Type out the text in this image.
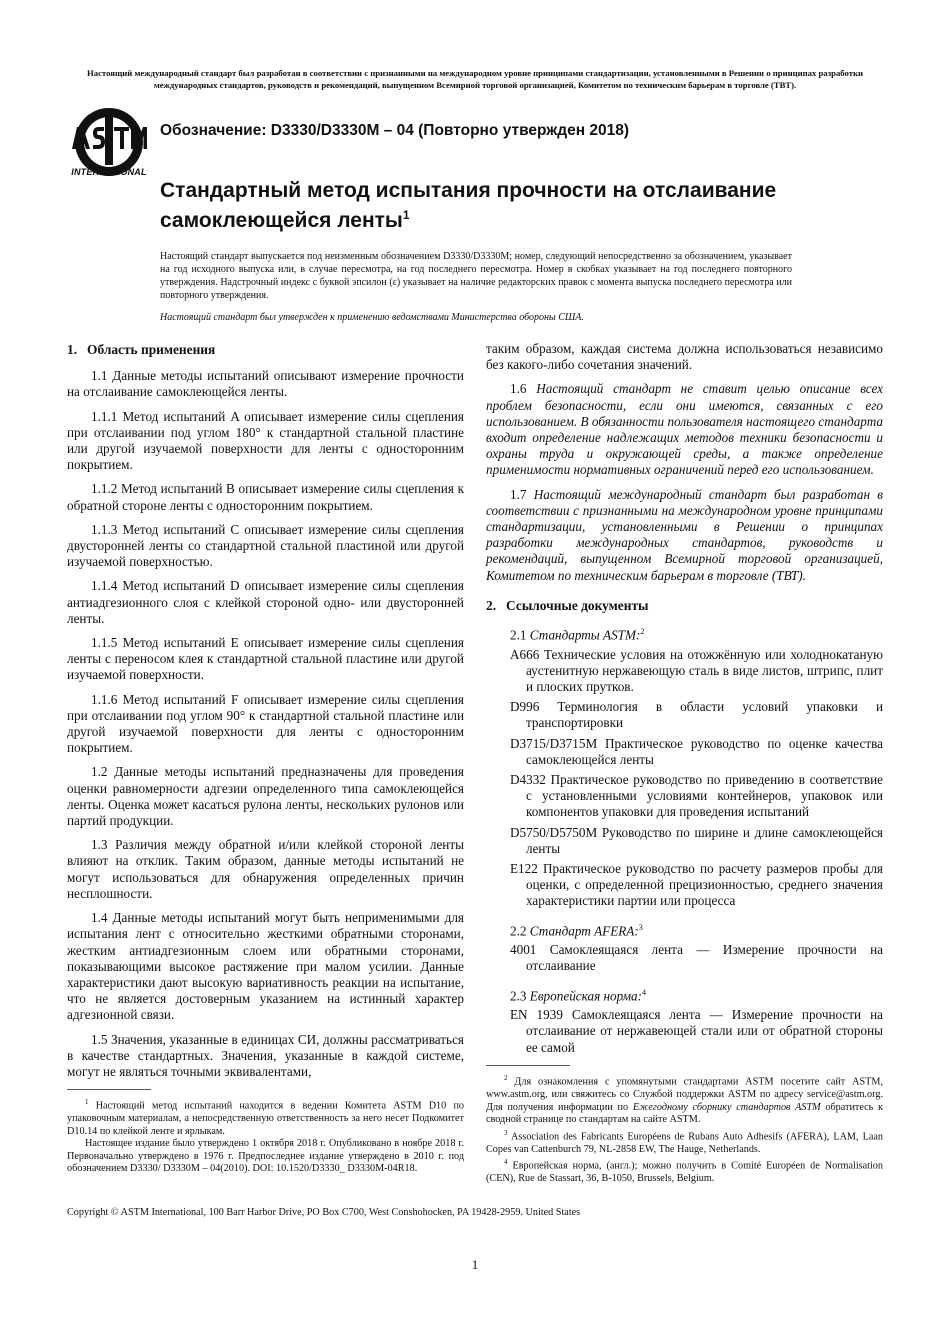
Настоящий международный стандарт был разработан в соответствии с признанными на международном уровне принципами стандартизации, установленными в Решении о принципах разработки международных стандартов, руководств и рекомендаций, выпущенном Всемирной торговой организацией, Комитетом по техническим барьерам в торговле (ТВТ).
INTERNATIONAL
Обозначение: D3330/D3330M – 04 (Повторно утвержден 2018)
Стандартный метод испытания прочности на отслаивание самоклеющейся ленты$^1$
Настоящий стандарт выпускается под неизменным обозначением D3330/D3330M; номер, следующий непосредственно за обозначением, указывает на год исходного выпуска или, в случае пересмотра, на год последнего пересмотра. Номер в скобках указывает на год последнего повторного утверждения. Надстрочный индекс с буквой эпсилон (ε) указывает на наличие редакторских правок с момента выпуска последнего пересмотра или повторного утверждения.
Настоящий стандарт был утвержден к применению ведомствами Министерства обороны США.
1. Область применения

1.1 Данные методы испытаний описывают измерение прочности на отслаивание самоклеющейся ленты.

1.1.1 Метод испытаний A описывает измерение силы сцепления при отслаивании под углом 180° к стандартной стальной пластине или другой изучаемой поверхности для ленты с односторонним покрытием.

1.1.2 Метод испытаний B описывает измерение силы сцепления к обратной стороне ленты с односторонним покрытием.

1.1.3 Метод испытаний C описывает измерение силы сцепления двусторонней ленты со стандартной стальной пластиной или другой изучаемой поверхностью.

1.1.4 Метод испытаний D описывает измерение силы сцепления антиадгезионного слоя с клейкой стороной одно- или двусторонней ленты.

1.1.5 Метод испытаний E описывает измерение силы сцепления ленты с переносом клея к стандартной стальной пластине или другой изучаемой поверхности.

1.1.6 Метод испытаний F описывает измерение силы сцепления при отслаивании под углом 90° к стандартной стальной пластине или другой изучаемой поверхности для ленты с односторонним покрытием.

1.2 Данные методы испытаний предназначены для проведения оценки равномерности адгезии определенного типа самоклеющейся ленты. Оценка может касаться рулона ленты, нескольких рулонов или партий продукции.

1.3 Различия между обратной и/или клейкой стороной ленты влияют на отклик. Таким образом, данные методы испытаний не могут использоваться для обнаружения определенных причин несплошности.

1.4 Данные методы испытаний могут быть неприменимыми для испытания лент с относительно жесткими обратными сторонами, жестким антиадгезионным слоем или обратными сторонами, показывающими высокое растяжение при малом усилии. Данные характеристики дают высокую вариативность реакции на испытание, что не является достоверным указанием на истинный характер адгезионной связи.

1.5 Значения, указанные в единицах СИ, должны рассматриваться в качестве стандартных. Значения, указанные в каждой системе, могут не являться точными эквивалентами,

$^1$ Настоящий метод испытаний находится в ведении Комитета ASTM D10 по упаковочным материалам, а непосредственную ответственность за него несет Подкомитет D10.14 по клейкой ленте и ярлыкам.

Настоящее издание было утверждено 1 октября 2018 г. Опубликовано в ноябре 2018 г. Первоначально утверждено в 1976 г. Предпоследнее издание утверждено в 2010 г. под обозначением D3330/ D3330M – 04(2010). DOI: 10.1520/D3330_ D3330M-04R18.

таким образом, каждая система должна использоваться независимо без какого-либо сочетания значений.

1.6 Настоящий стандарт не ставит целью описание всех проблем безопасности, если они имеются, связанных с его использованием. В обязанности пользователя настоящего стандарта входит определение надлежащих методов техники безопасности и охраны труда и окружающей среды, а также определение применимости нормативных ограничений перед его использованием.

1.7 Настоящий международный стандарт был разработан в соответствии с признанными на международном уровне принципами стандартизации, установленными в Решении о принципах разработки международных стандартов, руководств и рекомендаций, выпущенном Всемирной торговой организацией, Комитетом по техническим барьерам в торговле (ТВТ).

2. Ссылочные документы
2.1 Стандарты ASTM:$^2$
A666 Технические условия на отожжённую или холоднокатаную аустенитную нержавеющую сталь в виде листов, штрипс, плит и плоских прутков.
D996 Терминология в области условий упаковки и транспортировки
D3715/D3715M Практическое руководство по оценке качества самоклеющейся ленты
D4332 Практическое руководство по приведению в соответствие с установленными условиями контейнеров, упаковок или компонентов упаковки для проведения испытаний
D5750/D5750M Руководство по ширине и длине самоклеющейся ленты
E122 Практическое руководство по расчету размеров пробы для оценки, с определенной прецизионностью, среднего значения характеристики партии или процесса
2.2 Стандарт AFERA:$^3$
4001 Самоклеящаяся лента — Измерение прочности на отслаивание
2.3 Европейская норма:$^4$
EN 1939 Самоклеящаяся лента — Измерение прочности на отслаивание от нержавеющей стали или от обратной стороны ее самой

$^2$ Для ознакомления с упомянутыми стандартами ASTM посетите сайт ASTM, www.astm.org, или свяжитесь со Службой поддержки ASTM по адресу service@astm.org. Для получения информации по Ежегодному сборнику стандартов ASTM обратитесь к сводной странице по стандартам на сайте ASTM.

$^3$ Association des Fabricants Européens de Rubans Auto Adhesifs (AFERA), LAM, Laan Copes van Cattenburch 79, NL-2858 EW, The Hauge, Netherlands.

$^4$ Европейская норма, (англ.); можно получить в Comité Européen de Normalisation (CEN), Rue de Stassart, 36, B-1050, Brussels, Belgium.

Copyright © ASTM International, 100 Barr Harbor Drive, PO Box C700, West Conshohocken, PA 19428-2959. United States
1
